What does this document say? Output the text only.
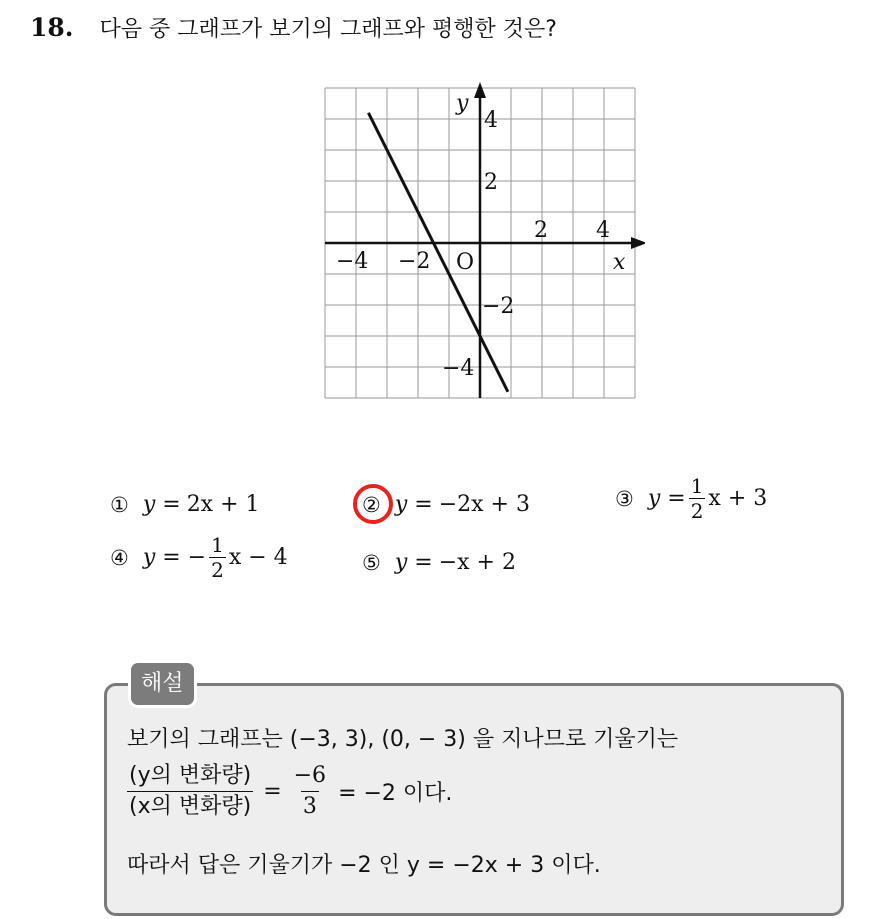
18. 다음 중 그래프가 보기의 그래프와 평행한 것은?
y
x
O
−4 −2
2 4
4
2
−2
−4
① y = 2x + 1	② y = −2x + 3	③ $y = \frac{1}{2}$ x + 3
④ y = − $\frac{1}{2}$ x − 4	⑤ y = −x + 2
해설
보기의 그래프는 (−3, 3), (0, − 3) 을 지나므로 기울기는
(y의 변화량)
(x의 변화량)
= $\frac{-6}{3} = -2$ 이다.
따라서 답은 기울기가 −2 인 y = −2x + 3 이다.
